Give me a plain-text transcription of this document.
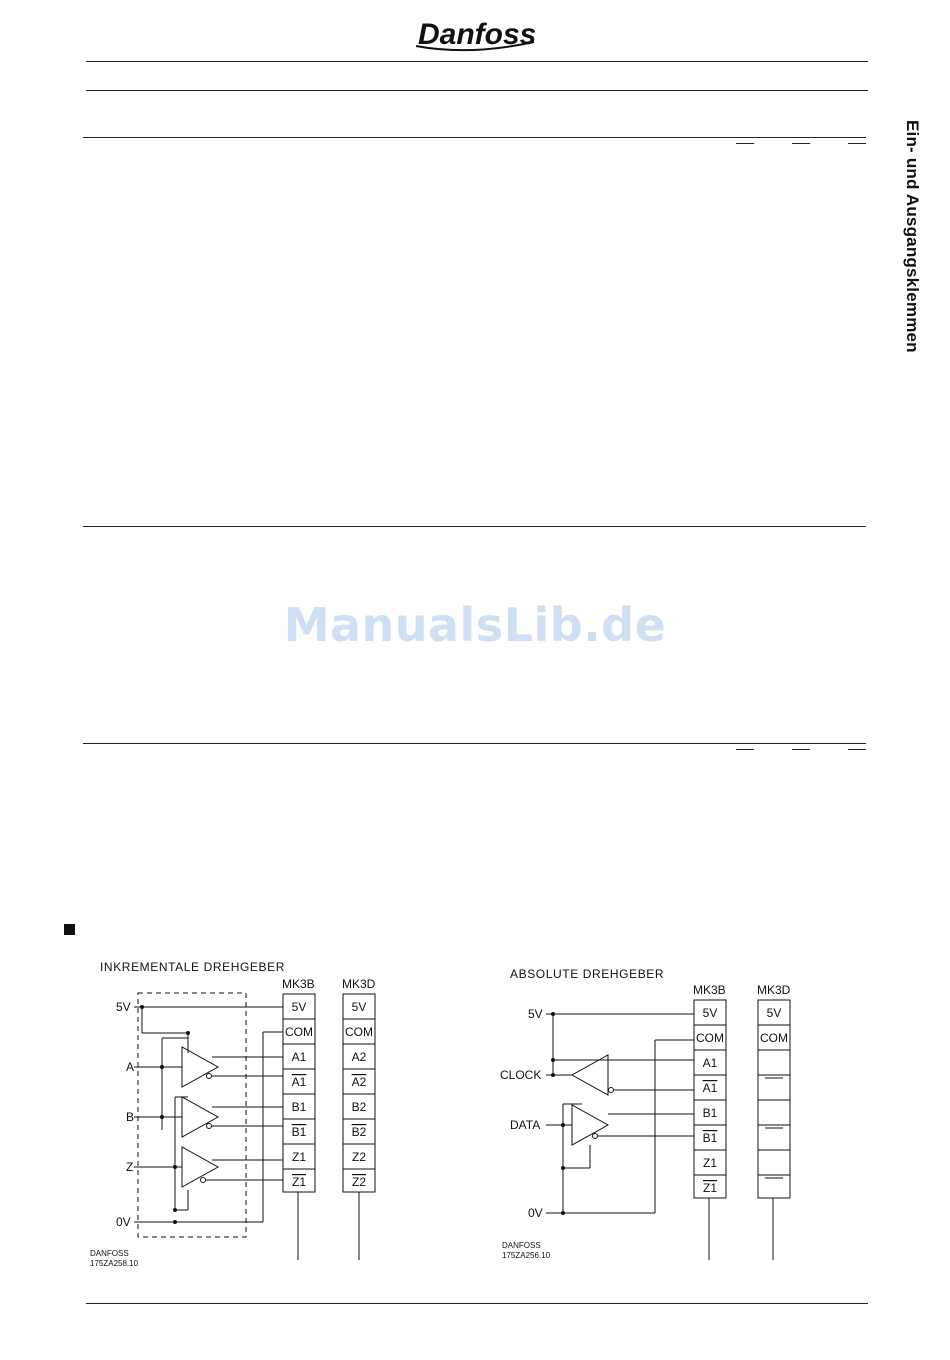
Danfoss
Ein- und Ausgangsklemmen
ManualsLib.de
INKREMENTALE DREHGEBER
MK3B MK3D
5V
A
B
Z
0V
5V
COM
A1
A1
B1
B1
Z1
Z1
5V
COM
A2
A2
B2
B2
Z2
Z2
DANFOSS
175ZA258.10
ABSOLUTE DREHGEBER
MK3B	MK3D
5V
CLOCK
DATA
0V
5V
COM
A1
A1
B1
B1
Z1
Z1
5V
COM
DANFOSS
175ZA256.10
